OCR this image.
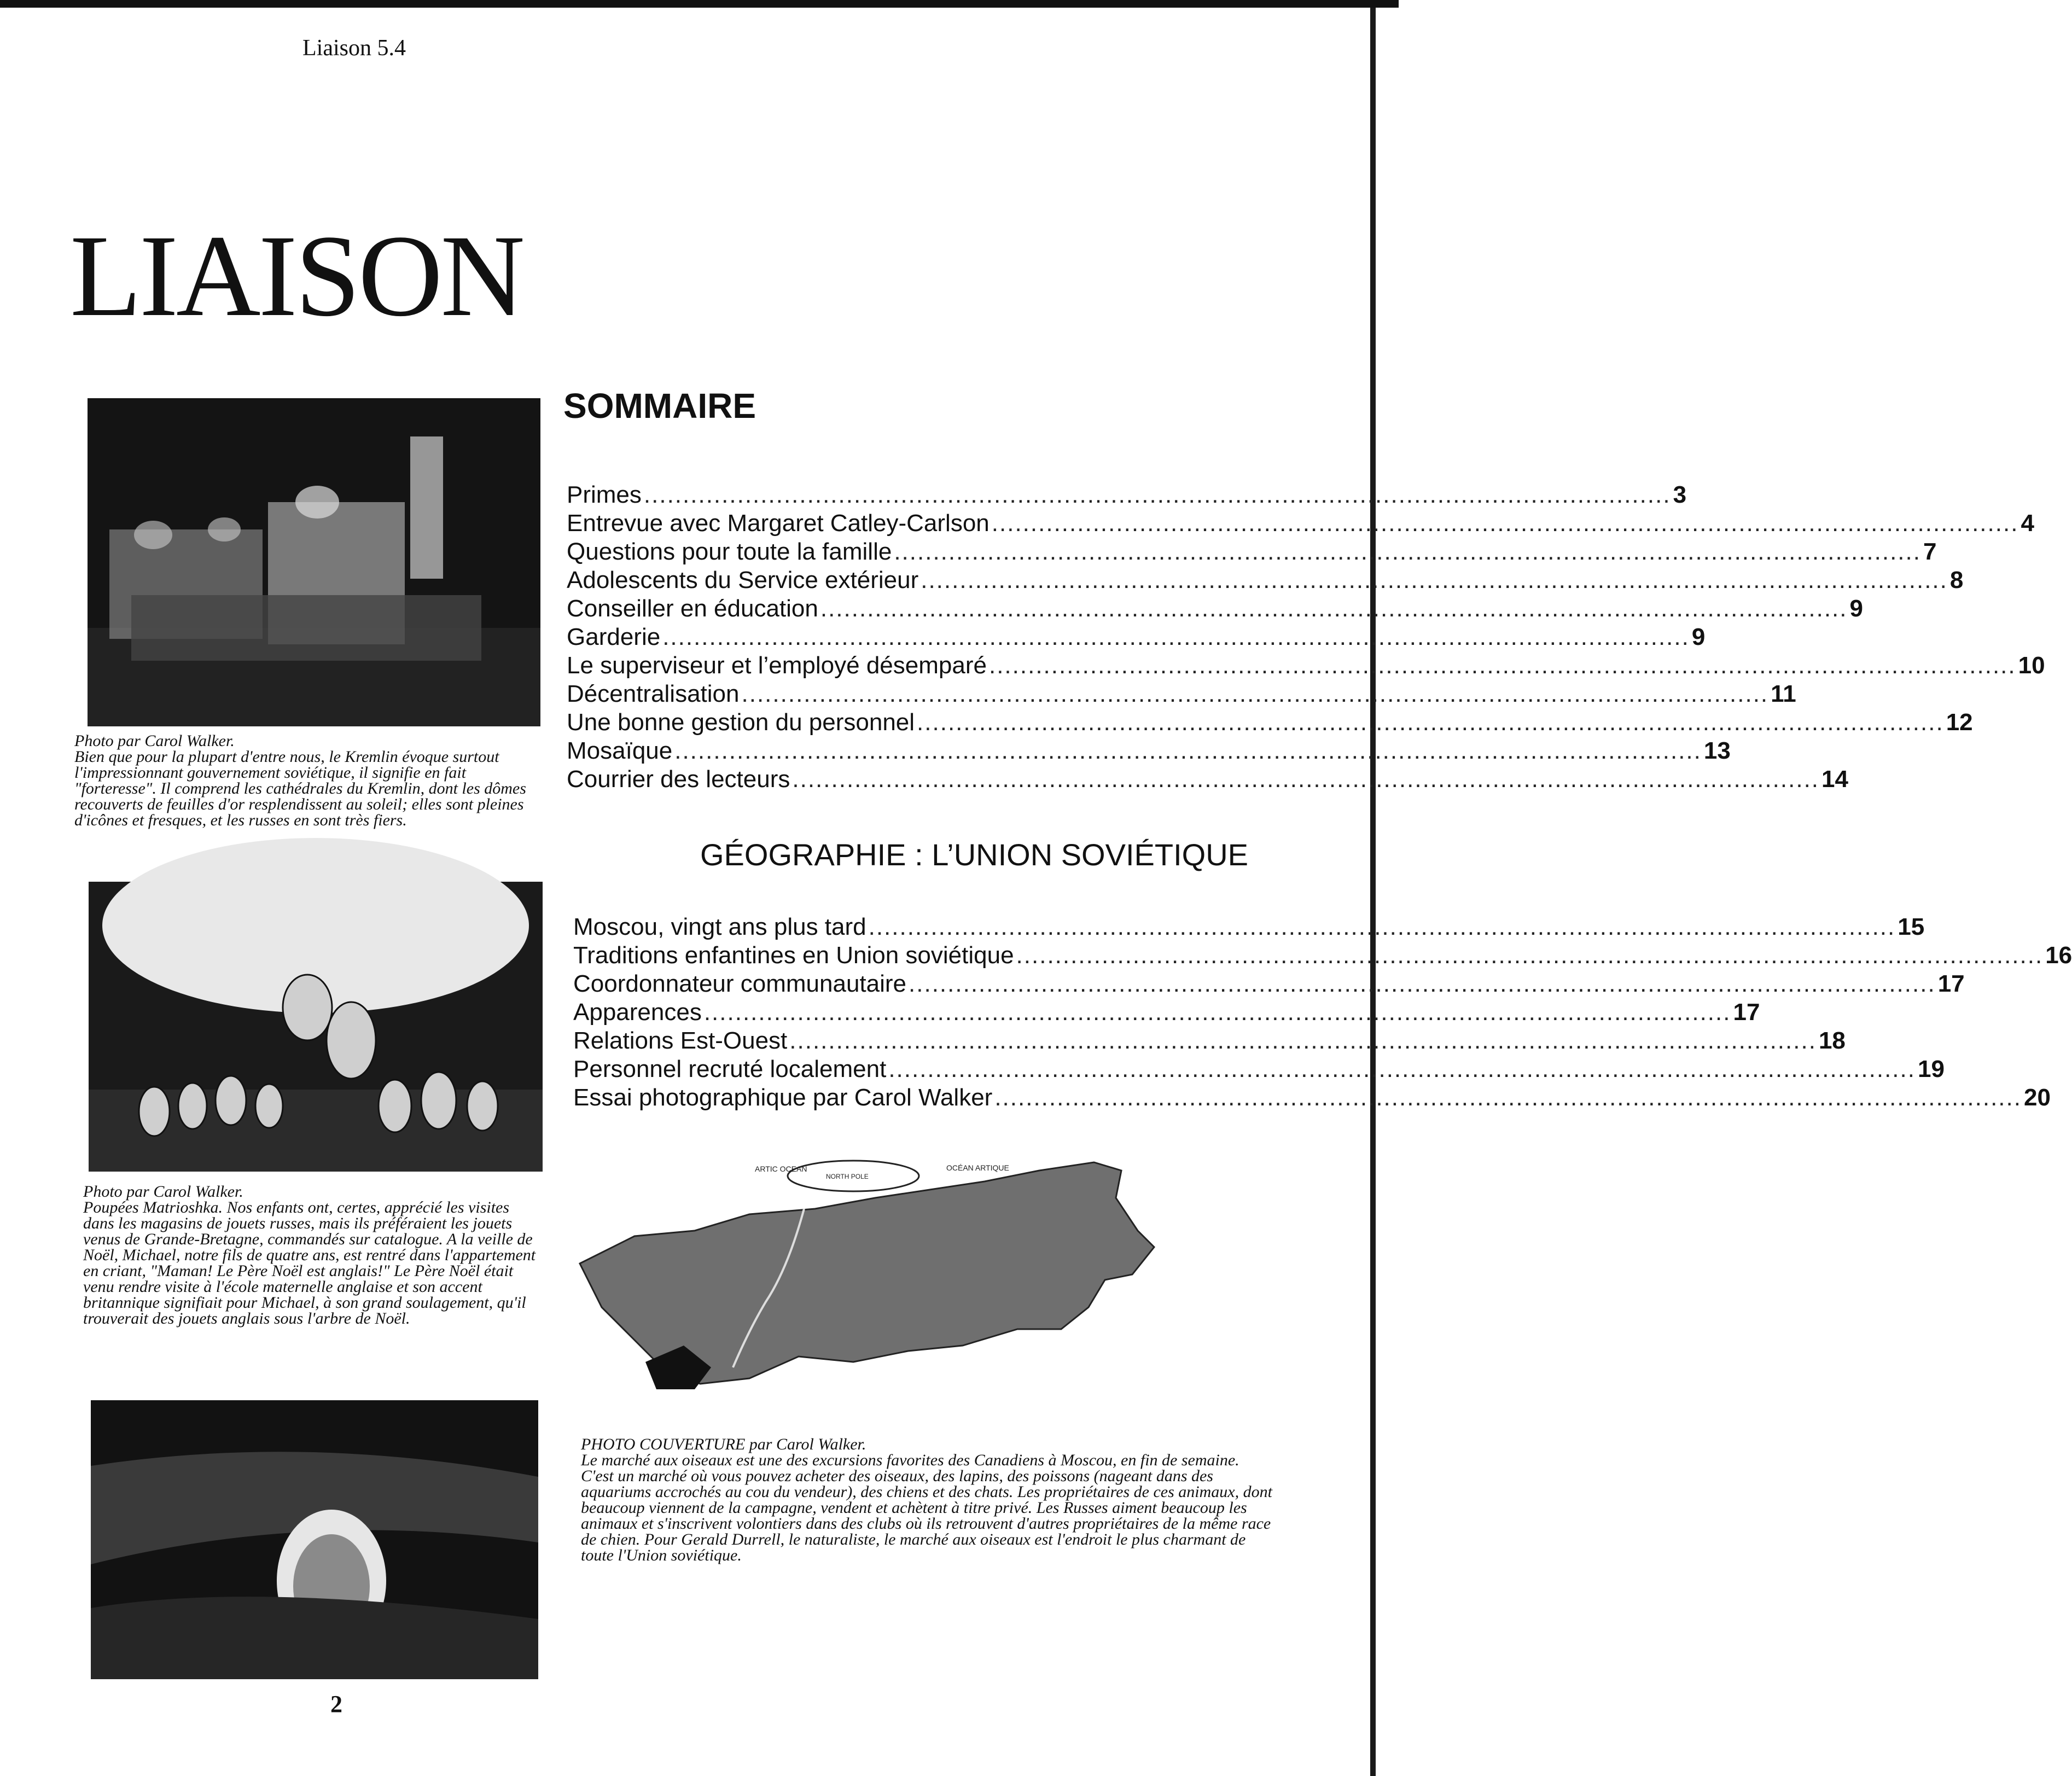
Liaison 5.4
LIAISON
Photo par Carol Walker.
Bien que pour la plupart d'entre nous, le Kremlin évoque surtout l'impressionnant gouvernement soviétique, il signifie en fait "forteresse". Il comprend les cathédrales du Kremlin, dont les dômes recouverts de feuilles d'or resplendissent au soleil; elles sont pleines d'icônes et fresques, et les russes en sont très fiers.
Photo par Carol Walker.
Poupées Matrioshka. Nos enfants ont, certes, apprécié les visites dans les magasins de jouets russes, mais ils préféraient les jouets venus de Grande-Bretagne, commandés sur catalogue. A la veille de Noël, Michael, notre fils de quatre ans, est rentré dans l'appartement en criant, "Maman! Le Père Noël est anglais!" Le Père Noël était venu rendre visite à l'école maternelle anglaise et son accent britannique signifiait pour Michael, à son grand soulagement, qu'il trouverait des jouets anglais sous l'arbre de Noël.
SOMMAIRE
Primes .................................................................................................................................... 3
Entrevue avec Margaret Catley-Carlson .................................................................................................................................... 4
Questions pour toute la famille .................................................................................................................................... 7
Adolescents du Service extérieur .................................................................................................................................... 8
Conseiller en éducation .................................................................................................................................... 9
Garderie .................................................................................................................................... 9
Le superviseur et l’employé désemparé .................................................................................................................................... 10
Décentralisation .................................................................................................................................... 11
Une bonne gestion du personnel .................................................................................................................................... 12
Mosaïque .................................................................................................................................... 13
Courrier des lecteurs .................................................................................................................................... 14
GÉOGRAPHIE : L’UNION SOVIÉTIQUE
Moscou, vingt ans plus tard .................................................................................................................................... 15
Traditions enfantines en Union soviétique .................................................................................................................................... 16
Coordonnateur communautaire .................................................................................................................................... 17
Apparences .................................................................................................................................... 17
Relations Est-Ouest .................................................................................................................................... 18
Personnel recruté localement .................................................................................................................................... 19
Essai photographique par Carol Walker .................................................................................................................................... 20
ARTIC OCEAN
NORTH POLE
OCÉAN ARTIQUE
SEA OF JAPAN
PHOTO COUVERTURE par Carol Walker.
Le marché aux oiseaux est une des excursions favorites des Canadiens à Moscou, en fin de semaine. C'est un marché où vous pouvez acheter des oiseaux, des lapins, des poissons (nageant dans des aquariums accrochés au cou du vendeur), des chiens et des chats. Les propriétaires de ces animaux, dont beaucoup viennent de la campagne, vendent et achètent à titre privé. Les Russes aiment beaucoup les animaux et s'inscrivent volontiers dans des clubs où ils retrouvent d'autres propriétaires de la même race de chien. Pour Gerald Durrell, le naturaliste, le marché aux oiseaux est l'endroit le plus charmant de toute l'Union soviétique.
2
